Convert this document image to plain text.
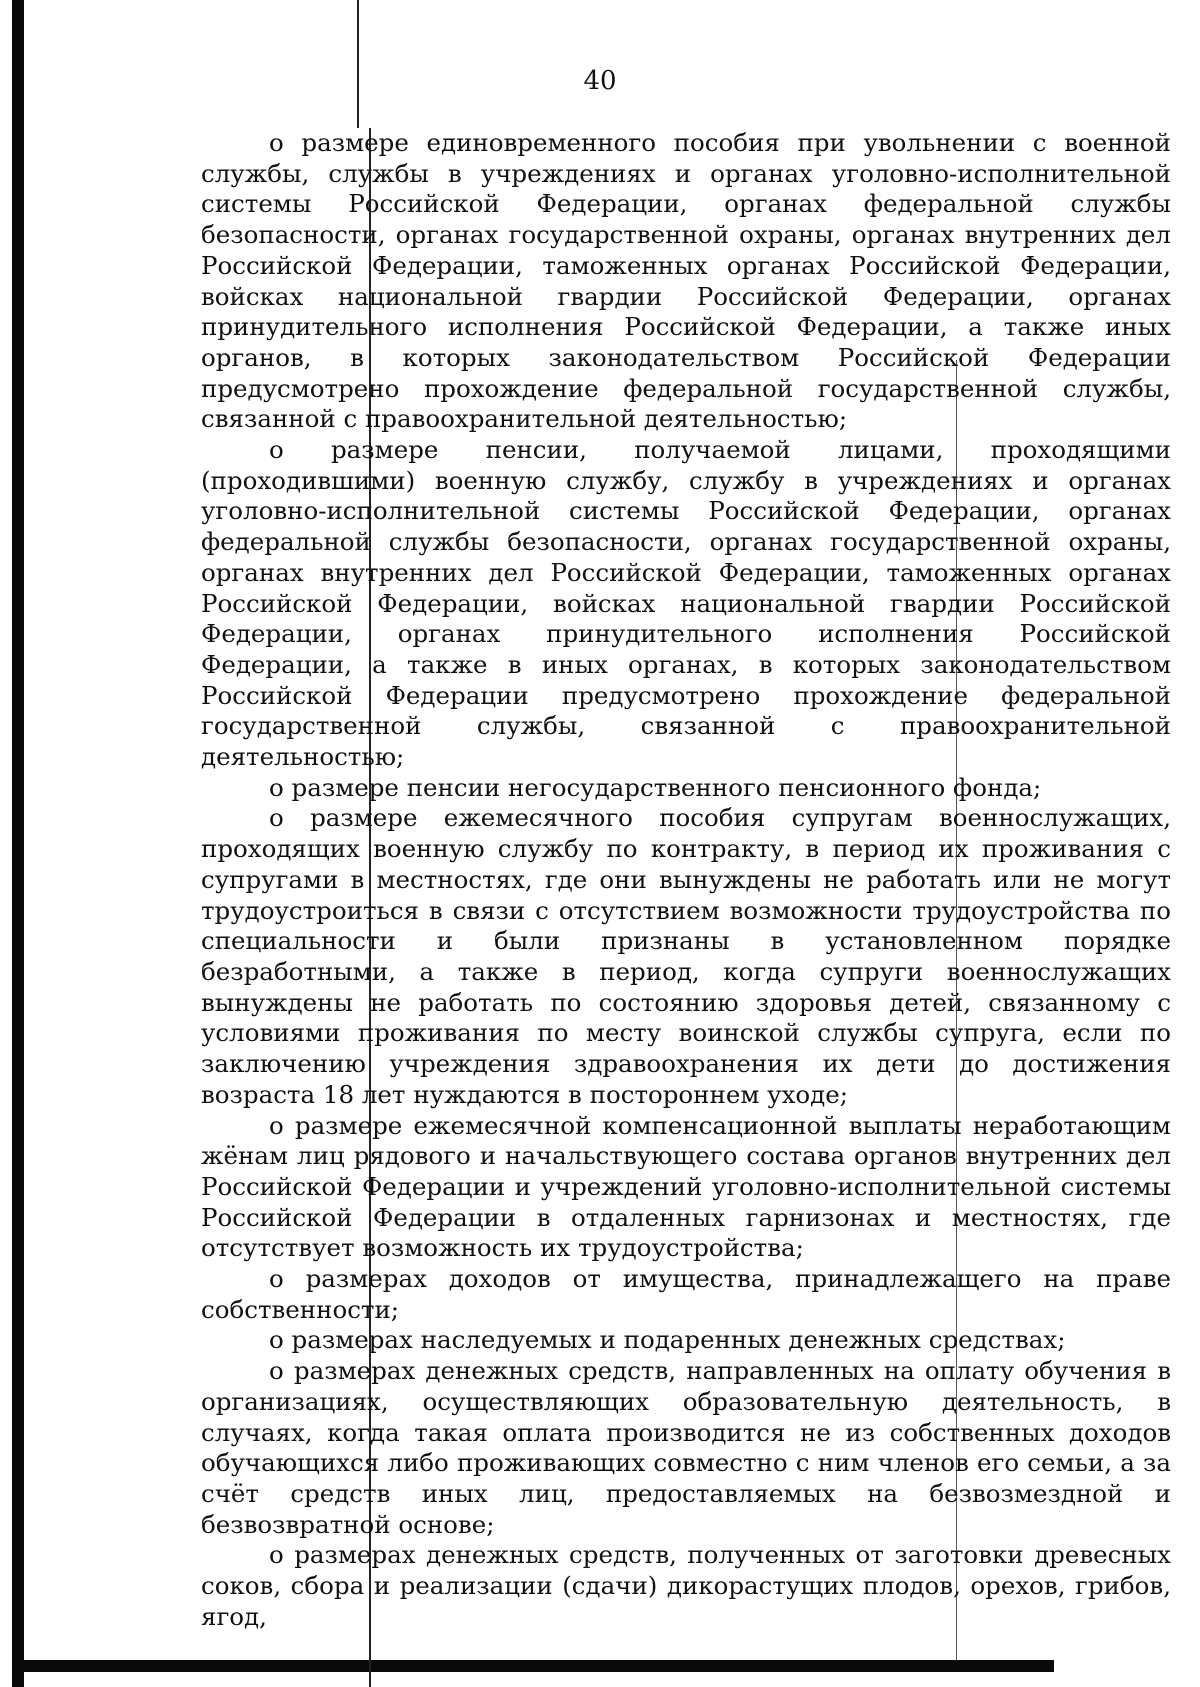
40

о размере единовременного пособия при увольнении с военной службы, службы в учреждениях и органах уголовно-исполнительной системы Российской Федерации, органах федеральной службы безопасности, органах государственной охраны, органах внутренних дел Российской Федерации, таможенных органах Российской Федерации, войсках национальной гвардии Российской Федерации, органах принудительного исполнения Российской Федерации, а также иных органов, в которых законодательством Российской Федерации предусмотрено прохождение федеральной государственной службы, связанной с правоохранительной деятельностью;

о размере пенсии, получаемой лицами, проходящими (проходившими) военную службу, службу в учреждениях и органах уголовно-исполнительной системы Российской Федерации, органах федеральной службы безопасности, органах государственной охраны, органах внутренних дел Российской Федерации, таможенных органах Российской Федерации, войсках национальной гвардии Российской Федерации, органах принудительного исполнения Российской Федерации, а также в иных органах, в которых законодательством Российской Федерации предусмотрено прохождение федеральной государственной службы, связанной с правоохранительной деятельностью;

о размере пенсии негосударственного пенсионного фонда;

о размере ежемесячного пособия супругам военнослужащих, проходящих военную службу по контракту, в период их проживания с супругами в местностях, где они вынуждены не работать или не могут трудоустроиться в связи с отсутствием возможности трудоустройства по специальности и были признаны в установленном порядке безработными, а также в период, когда супруги военнослужащих вынуждены не работать по состоянию здоровья детей, связанному с условиями проживания по месту воинской службы супруга, если по заключению учреждения здравоохранения их дети до достижения возраста 18 лет нуждаются в постороннем уходе;

о размере ежемесячной компенсационной выплаты неработающим жёнам лиц рядового и начальствующего состава органов внутренних дел Российской Федерации и учреждений уголовно-исполнительной системы Российской Федерации в отдаленных гарнизонах и местностях, где отсутствует возможность их трудоустройства;

о размерах доходов от имущества, принадлежащего на праве собственности;

о размерах наследуемых и подаренных денежных средствах;

о размерах денежных средств, направленных на оплату обучения в организациях, осуществляющих образовательную деятельность, в случаях, когда такая оплата производится не из собственных доходов обучающихся либо проживающих совместно с ним членов его семьи, а за счёт средств иных лиц, предоставляемых на безвозмездной и безвозвратной основе;

о размерах денежных средств, полученных от заготовки древесных соков, сбора и реализации (сдачи) дикорастущих плодов, орехов, грибов, ягод,
